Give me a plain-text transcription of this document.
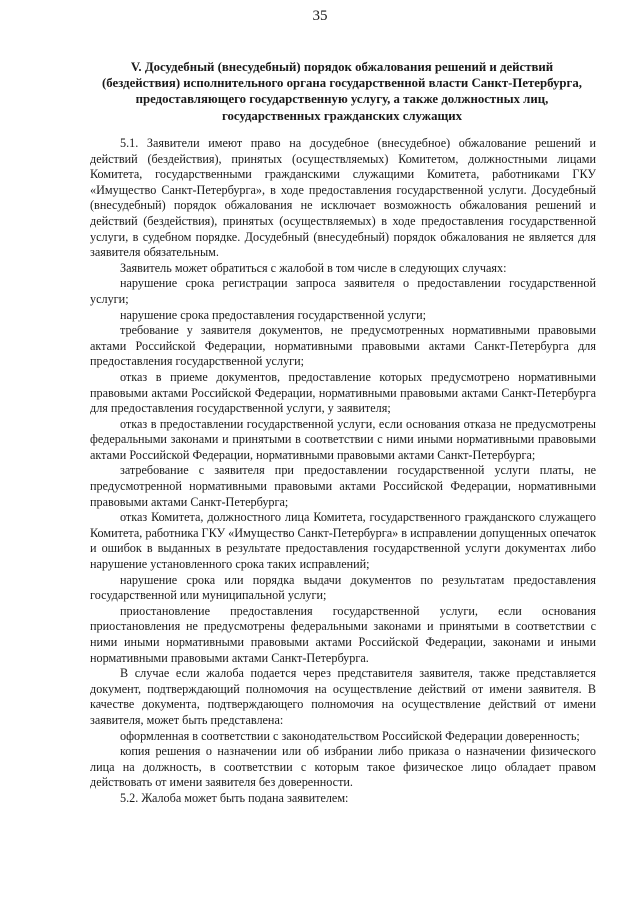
35
V. Досудебный (внесудебный) порядок обжалования решений и действий (бездействия) исполнительного органа государственной власти Санкт-Петербурга, предоставляющего государственную услугу, а также должностных лиц, государственных гражданских служащих

5.1. Заявители имеют право на досудебное (внесудебное) обжалование решений и действий (бездействия), принятых (осуществляемых) Комитетом, должностными лицами Комитета, государственными гражданскими служащими Комитета, работниками ГКУ «Имущество Санкт-Петербурга», в ходе предоставления государственной услуги. Досудебный (внесудебный) порядок обжалования не исключает возможность обжалования решений и действий (бездействия), принятых (осуществляемых) в ходе предоставления государственной услуги, в судебном порядке. Досудебный (внесудебный) порядок обжалования не является для заявителя обязательным.

Заявитель может обратиться с жалобой в том числе в следующих случаях:

нарушение срока регистрации запроса заявителя о предоставлении государственной услуги;

нарушение срока предоставления государственной услуги;

требование у заявителя документов, не предусмотренных нормативными правовыми актами Российской Федерации, нормативными правовыми актами Санкт-Петербурга для предоставления государственной услуги;

отказ в приеме документов, предоставление которых предусмотрено нормативными правовыми актами Российской Федерации, нормативными правовыми актами Санкт-Петербурга для предоставления государственной услуги, у заявителя;

отказ в предоставлении государственной услуги, если основания отказа не предусмотрены федеральными законами и принятыми в соответствии с ними иными нормативными правовыми актами Российской Федерации, нормативными правовыми актами Санкт-Петербурга;

затребование с заявителя при предоставлении государственной услуги платы, не предусмотренной нормативными правовыми актами Российской Федерации, нормативными правовыми актами Санкт-Петербурга;

отказ Комитета, должностного лица Комитета, государственного гражданского служащего Комитета, работника ГКУ «Имущество Санкт-Петербурга» в исправлении допущенных опечаток и ошибок в выданных в результате предоставления государственной услуги документах либо нарушение установленного срока таких исправлений;

нарушение срока или порядка выдачи документов по результатам предоставления государственной или муниципальной услуги;

приостановление предоставления государственной услуги, если основания приостановления не предусмотрены федеральными законами и принятыми в соответствии с ними иными нормативными правовыми актами Российской Федерации, законами и иными нормативными правовыми актами Санкт-Петербурга.

В случае если жалоба подается через представителя заявителя, также представляется документ, подтверждающий полномочия на осуществление действий от имени заявителя. В качестве документа, подтверждающего полномочия на осуществление действий от имени заявителя, может быть представлена:

оформленная в соответствии с законодательством Российской Федерации доверенность;

копия решения о назначении или об избрании либо приказа о назначении физического лица на должность, в соответствии с которым такое физическое лицо обладает правом действовать от имени заявителя без доверенности.

5.2. Жалоба может быть подана заявителем:
